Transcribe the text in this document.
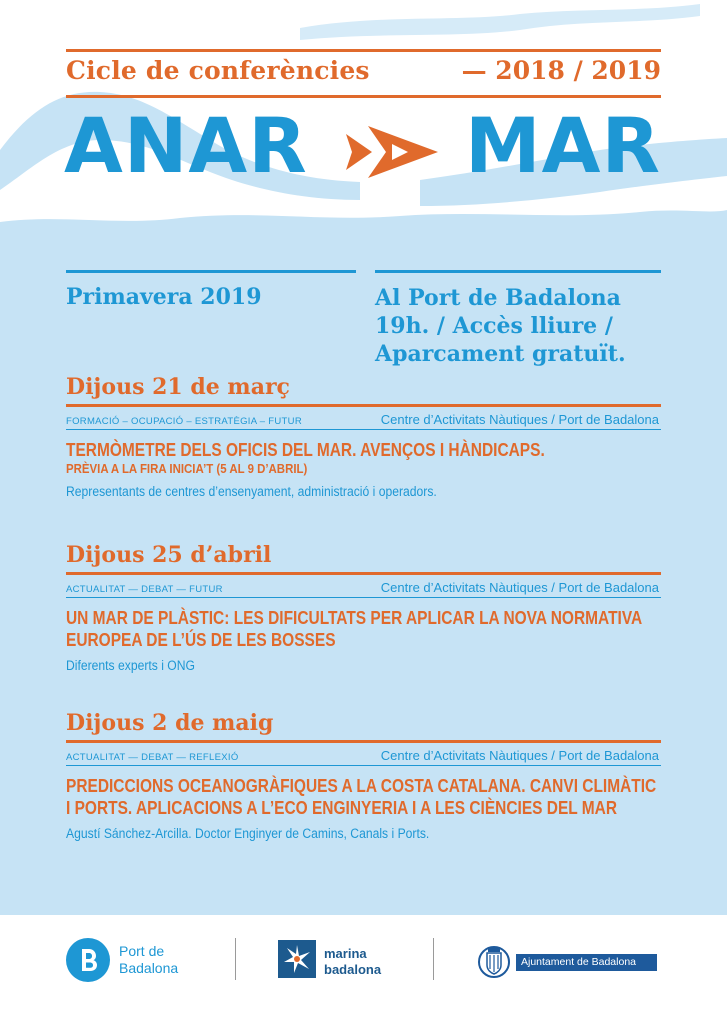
Cicle de conferències	— 2018 / 2019
ANAR MAR
Primavera 2019	Al Port de Badalona
19h. / Accès lliure /
Aparcament gratuït.
Dijous 21 de març
FORMACIÓ – OCUPACIÓ – ESTRATÈGIA – FUTUR	Centre d’Activitats Nàutiques / Port de Badalona
TERMÒMETRE DELS OFICIS DEL MAR. AVENÇOS I HÀNDICAPS.
PRÈVIA A LA FIRA INICIA’T (5 AL 9 D’ABRIL)
Representants de centres d’ensenyament, administració i operadors.
Dijous 25 d’abril
ACTUALITAT — DEBAT — FUTUR	Centre d’Activitats Nàutiques / Port de Badalona
UN MAR DE PLÀSTIC: LES DIFICULTATS PER APLICAR LA NOVA NORMATIVA
EUROPEA DE L’ÚS DE LES BOSSES
Diferents experts i ONG
Dijous 2 de maig
ACTUALITAT — DEBAT — REFLEXIÓ	Centre d’Activitats Nàutiques / Port de Badalona
PREDICCIONS OCEANOGRÀFIQUES A LA COSTA CATALANA. CANVI CLIMÀTIC
I PORTS. APLICACIONS A L’ECO ENGINYERIA I A LES CIÈNCIES DEL MAR
Agustí Sánchez-Arcilla. Doctor Enginyer de Camins, Canals i Ports.
Port de
Badalona
marina
badalona	Ajuntament de Badalona
